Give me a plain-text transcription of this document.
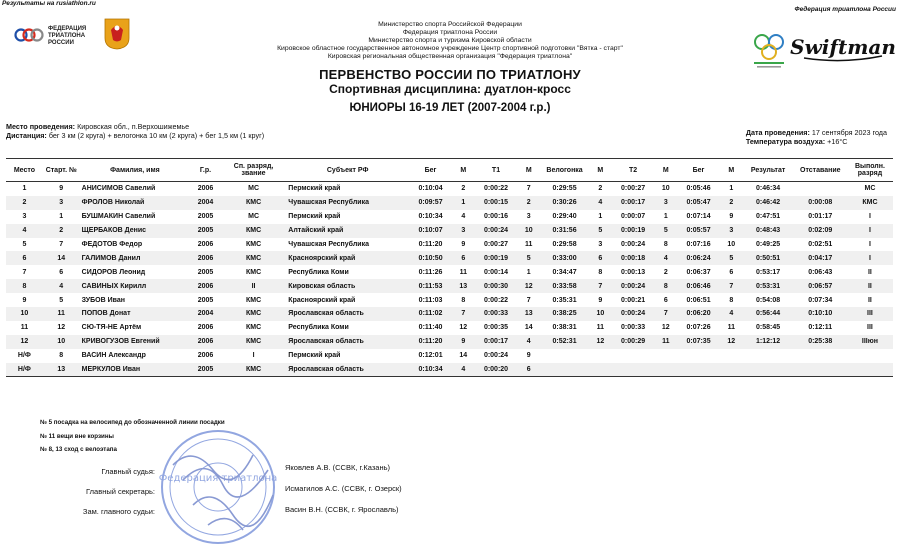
Результаты на rusiathlon.ru
Федерация триатлона России
ФЕДЕРАЦИЯ
ТРИАТЛОНА
РОССИИ
Министерство спорта Российской Федерации
Федерация триатлона России
Министерство спорта и туризма Кировской области
Кировское областное государственное автономное учреждение Центр спортивной подготовки "Вятка - старт"
Кировская региональная общественная организация "Федерация триатлона"	Swiftman
ПЕРВЕНСТВО РОССИИ ПО ТРИАТЛОНУ
Спортивная дисциплина: дуатлон-кросс
ЮНИОРЫ 16-19 ЛЕТ (2007-2004 г.р.)
Место проведения: Кировская обл., п.Верхошижемье
Дистанция: бег 3 км (2 круга) + велогонка 10 км (2 круга) + бег 1,5 км (1 круг)	Дата проведения: 17 сентября 2023 года
Температура воздуха: +16°С
Место	Старт. №	Фамилия, имя	Г.р.	Сп. разряд, звание	Субъект РФ	Бег	М	Т1	М	Велогонка	М	Т2	М	Бег	М	Результат	Отставание	Выполн. разряд
1	9	АНИСИМОВ Савелий	2006	МС	Пермский край	0:10:04	2	0:00:22	7	0:29:55	2	0:00:27	10	0:05:46	1	0:46:34		МС
2	3	ФРОЛОВ Николай	2004	КМС	Чувашская Республика	0:09:57	1	0:00:15	2	0:30:26	4	0:00:17	3	0:05:47	2	0:46:42	0:00:08	КМС
3	1	БУШМАКИН Савелий	2005	МС	Пермский край	0:10:34	4	0:00:16	3	0:29:40	1	0:00:07	1	0:07:14	9	0:47:51	0:01:17	I
4	2	ЩЕРБАКОВ Денис	2005	КМС	Алтайский край	0:10:07	3	0:00:24	10	0:31:56	5	0:00:19	5	0:05:57	3	0:48:43	0:02:09	I
5	7	ФЕДОТОВ Федор	2006	КМС	Чувашская Республика	0:11:20	9	0:00:27	11	0:29:58	3	0:00:24	8	0:07:16	10	0:49:25	0:02:51	I
6	14	ГАЛИМОВ Данил	2006	КМС	Красноярский край	0:10:50	6	0:00:19	5	0:33:00	6	0:00:18	4	0:06:24	5	0:50:51	0:04:17	I
7	6	СИДОРОВ Леонид	2005	КМС	Республика Коми	0:11:26	11	0:00:14	1	0:34:47	8	0:00:13	2	0:06:37	6	0:53:17	0:06:43	II
8	4	САВИНЫХ Кирилл	2006	II	Кировская область	0:11:53	13	0:00:30	12	0:33:58	7	0:00:24	8	0:06:46	7	0:53:31	0:06:57	II
9	5	ЗУБОВ Иван	2005	КМС	Красноярский край	0:11:03	8	0:00:22	7	0:35:31	9	0:00:21	6	0:06:51	8	0:54:08	0:07:34	II
10	11	ПОПОВ Донат	2004	КМС	Ярославская область	0:11:02	7	0:00:33	13	0:38:25	10	0:00:24	7	0:06:20	4	0:56:44	0:10:10	III
11	12	СЮ-ТЯ-НЕ Артём	2006	КМС	Республика Коми	0:11:40	12	0:00:35	14	0:38:31	11	0:00:33	12	0:07:26	11	0:58:45	0:12:11	III
12	10	КРИВОГУЗОВ Евгений	2006	КМС	Ярославская область	0:11:20	9	0:00:17	4	0:52:31	12	0:00:29	11	0:07:35	12	1:12:12	0:25:38	IIIюн
Н/Ф	8	ВАСИН Александр	2006	I	Пермский край	0:12:01	14	0:00:24	9									
Н/Ф	13	МЕРКУЛОВ Иван	2005	КМС	Ярославская область	0:10:34	4	0:00:20	6									
№ 5 посадка на велосипед до обозначенной линии посадки
№ 11 вещи вне корзины
№ 8, 13 сход с велоэтапа
Федерация триатлона
Главный судья:
Главный секретарь:
Зам. главного судьи:
Яковлев А.В. (ССВК, г.Казань)
Исмагилов А.С. (ССВК, г. Озерск)
Васин В.Н. (ССВК, г. Ярославль)
